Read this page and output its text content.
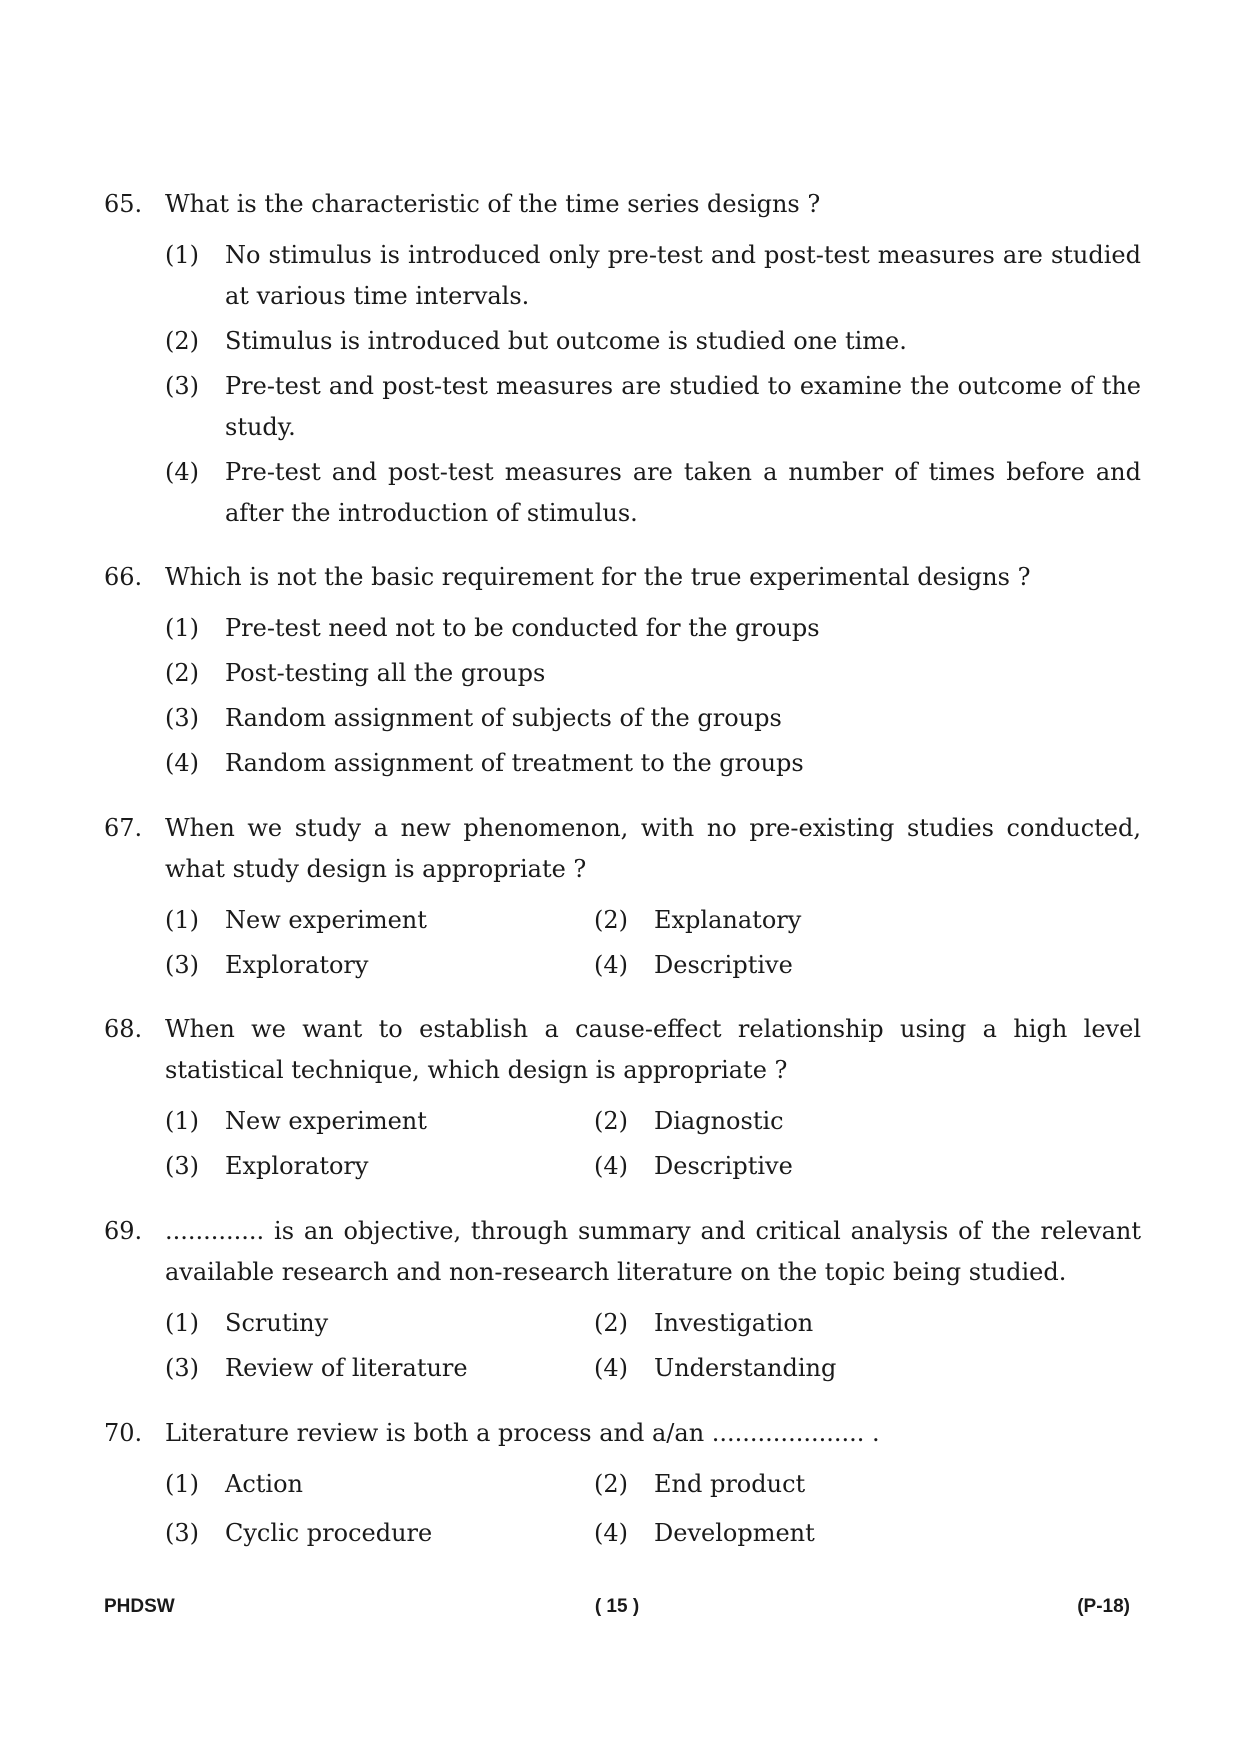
65. What is the characteristic of the time series designs ?
(1)	No stimulus is introduced only pre-test and post-test measures are studied at various time intervals.
(2)	Stimulus is introduced but outcome is studied one time.
(3)	Pre-test and post-test measures are studied to examine the outcome of the study.
(4)	Pre-test and post-test measures are taken a number of times before and after the introduction of stimulus.
66. Which is not the basic requirement for the true experimental designs ?
(1)	Pre-test need not to be conducted for the groups
(2)	Post-testing all the groups
(3)	Random assignment of subjects of the groups
(4)	Random assignment of treatment to the groups
67. When we study a new phenomenon, with no pre-existing studies conducted, what study design is appropriate ?
(1)	New experiment	(2)	Explanatory
(3)	Exploratory	(4)	Descriptive
68. When we want to establish a cause-effect relationship using a high level statistical technique, which design is appropriate ?
(1)	New experiment	(2)	Diagnostic
(3)	Exploratory	(4)	Descriptive
69. ............. is an objective, through summary and critical analysis of the relevant available research and non-research literature on the topic being studied.
(1)	Scrutiny	(2)	Investigation
(3)	Review of literature	(4)	Understanding
70. Literature review is both a process and a/an .................... .
(1)	Action	(2)	End product
(3)	Cyclic procedure	(4)	Development
PHDSW	( 15 )	(P-18)
